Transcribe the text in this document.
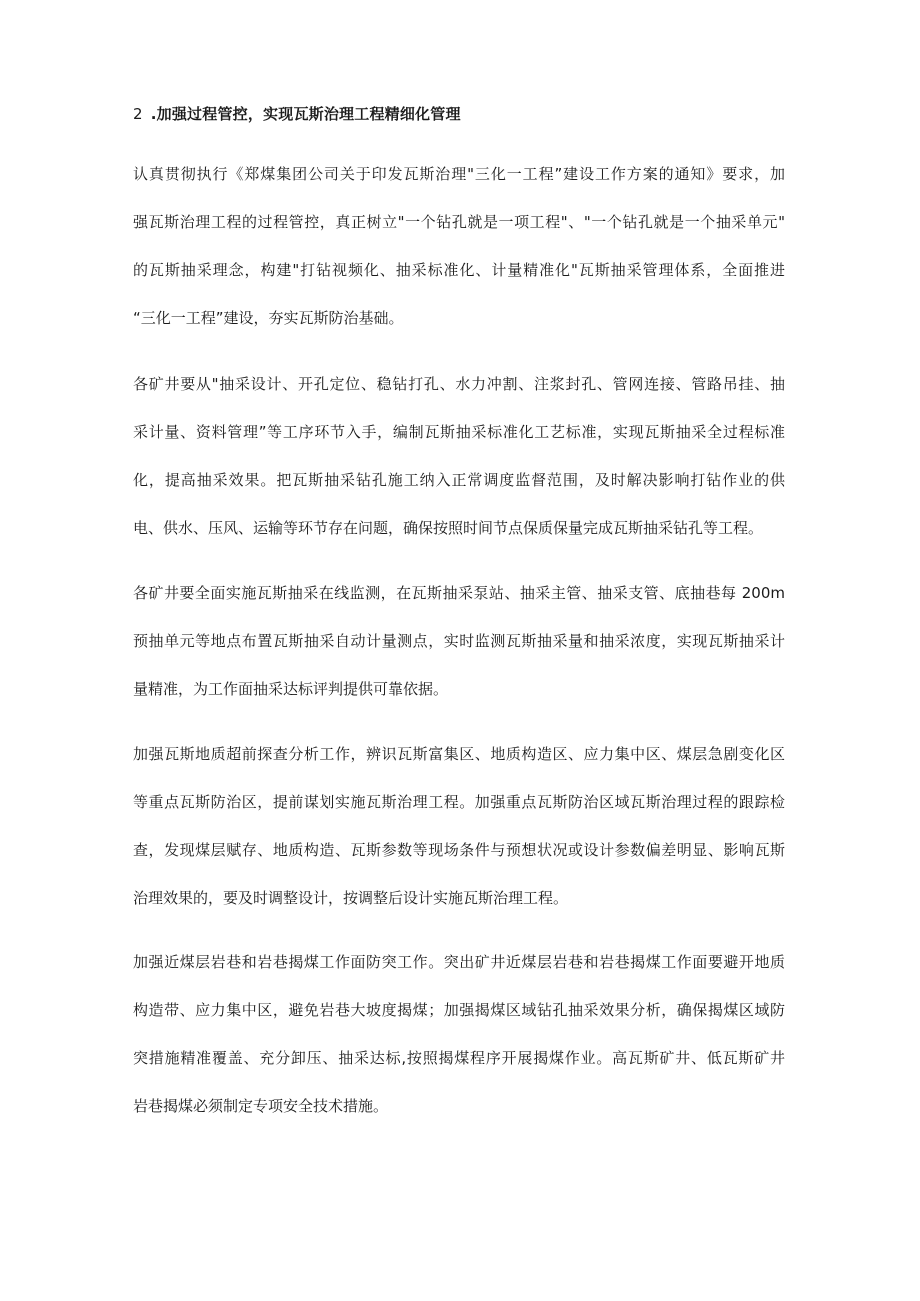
2 .加强过程管控，实现瓦斯治理工程精细化管理
认真贯彻执行《郑煤集团公司关于印发瓦斯治理"三化一工程”建设工作方案的通知》要求，加
强瓦斯治理工程的过程管控，真正树立"一个钻孔就是一项工程"、"一个钻孔就是一个抽采单元"
的瓦斯抽采理念，构建"打钻视频化、抽采标准化、计量精准化"瓦斯抽采管理体系，全面推进
“三化一工程”建设，夯实瓦斯防治基础。
各矿井要从"抽采设计、开孔定位、稳钻打孔、水力冲割、注浆封孔、管网连接、管路吊挂、抽
采计量、资料管理”等工序环节入手，编制瓦斯抽采标准化工艺标准，实现瓦斯抽采全过程标准
化，提高抽采效果。把瓦斯抽采钻孔施工纳入正常调度监督范围，及时解决影响打钻作业的供
电、供水、压风、运输等环节存在问题，确保按照时间节点保质保量完成瓦斯抽采钻孔等工程。
各矿井要全面实施瓦斯抽采在线监测，在瓦斯抽采泵站、抽采主管、抽采支管、底抽巷每 200m
预抽单元等地点布置瓦斯抽采自动计量测点，实时监测瓦斯抽采量和抽采浓度，实现瓦斯抽采计
量精准，为工作面抽采达标评判提供可靠依据。
加强瓦斯地质超前探查分析工作，辨识瓦斯富集区、地质构造区、应力集中区、煤层急剧变化区
等重点瓦斯防治区，提前谋划实施瓦斯治理工程。加强重点瓦斯防治区域瓦斯治理过程的跟踪检
查，发现煤层赋存、地质构造、瓦斯参数等现场条件与预想状况或设计参数偏差明显、影响瓦斯
治理效果的，要及时调整设计，按调整后设计实施瓦斯治理工程。
加强近煤层岩巷和岩巷揭煤工作面防突工作。突出矿井近煤层岩巷和岩巷揭煤工作面要避开地质
构造带、应力集中区，避免岩巷大坡度揭煤；加强揭煤区域钻孔抽采效果分析，确保揭煤区域防
突措施精准覆盖、充分卸压、抽采达标,按照揭煤程序开展揭煤作业。高瓦斯矿井、低瓦斯矿井
岩巷揭煤必须制定专项安全技术措施。
